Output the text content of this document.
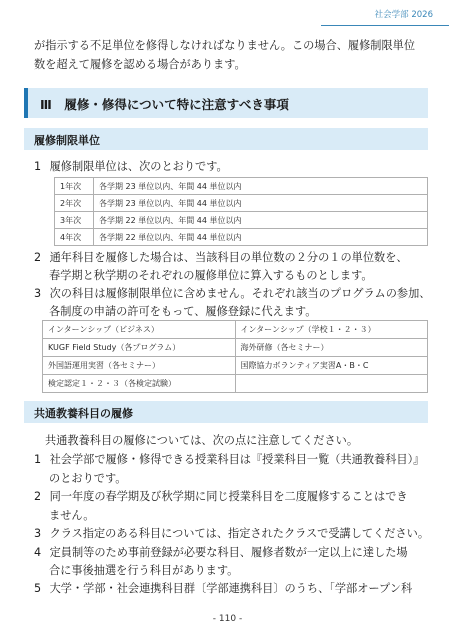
社会学部 2026
が指示する不足単位を修得しなければなりません。この場合、履修制限単位
数を超えて履修を認める場合があります。
Ⅲ　履修・修得について特に注意すべき事項
履修制限単位
1 履修制限単位は、次のとおりです。
1年次	各学期 23 単位以内、年間 44 単位以内
2年次	各学期 23 単位以内、年間 44 単位以内
3年次	各学期 22 単位以内、年間 44 単位以内
4年次	各学期 22 単位以内、年間 44 単位以内
2 通年科目を履修した場合は、当該科目の単位数の２分の１の単位数を、
春学期と秋学期のそれぞれの履修単位に算入するものとします。
3 次の科目は履修制限単位に含めません。それぞれ該当のプログラムの参加、
各制度の申請の許可をもって、履修登録に代えます。
インターンシップ（ビジネス）	インターンシップ（学校１・２・３）
KUGF Field Study（各プログラム）	海外研修（各セミナー）
外国語運用実習（各セミナー）	国際協力ボランティア実習A・B・C
検定認定１・２・３（各検定試験）	
共通教養科目の履修
共通教養科目の履修については、次の点に注意してください。
1 社会学部で履修・修得できる授業科目は『授業科目一覧（共通教養科目）』
のとおりです。
2 同一年度の春学期及び秋学期に同じ授業科目を二度履修することはでき
ません。
3 クラス指定のある科目については、指定されたクラスで受講してください。
4 定員制等のため事前登録が必要な科目、履修者数が一定以上に達した場
合に事後抽選を行う科目があります。
5 大学・学部・社会連携科目群〔学部連携科目〕のうち、「学部オープン科
- 110 -
